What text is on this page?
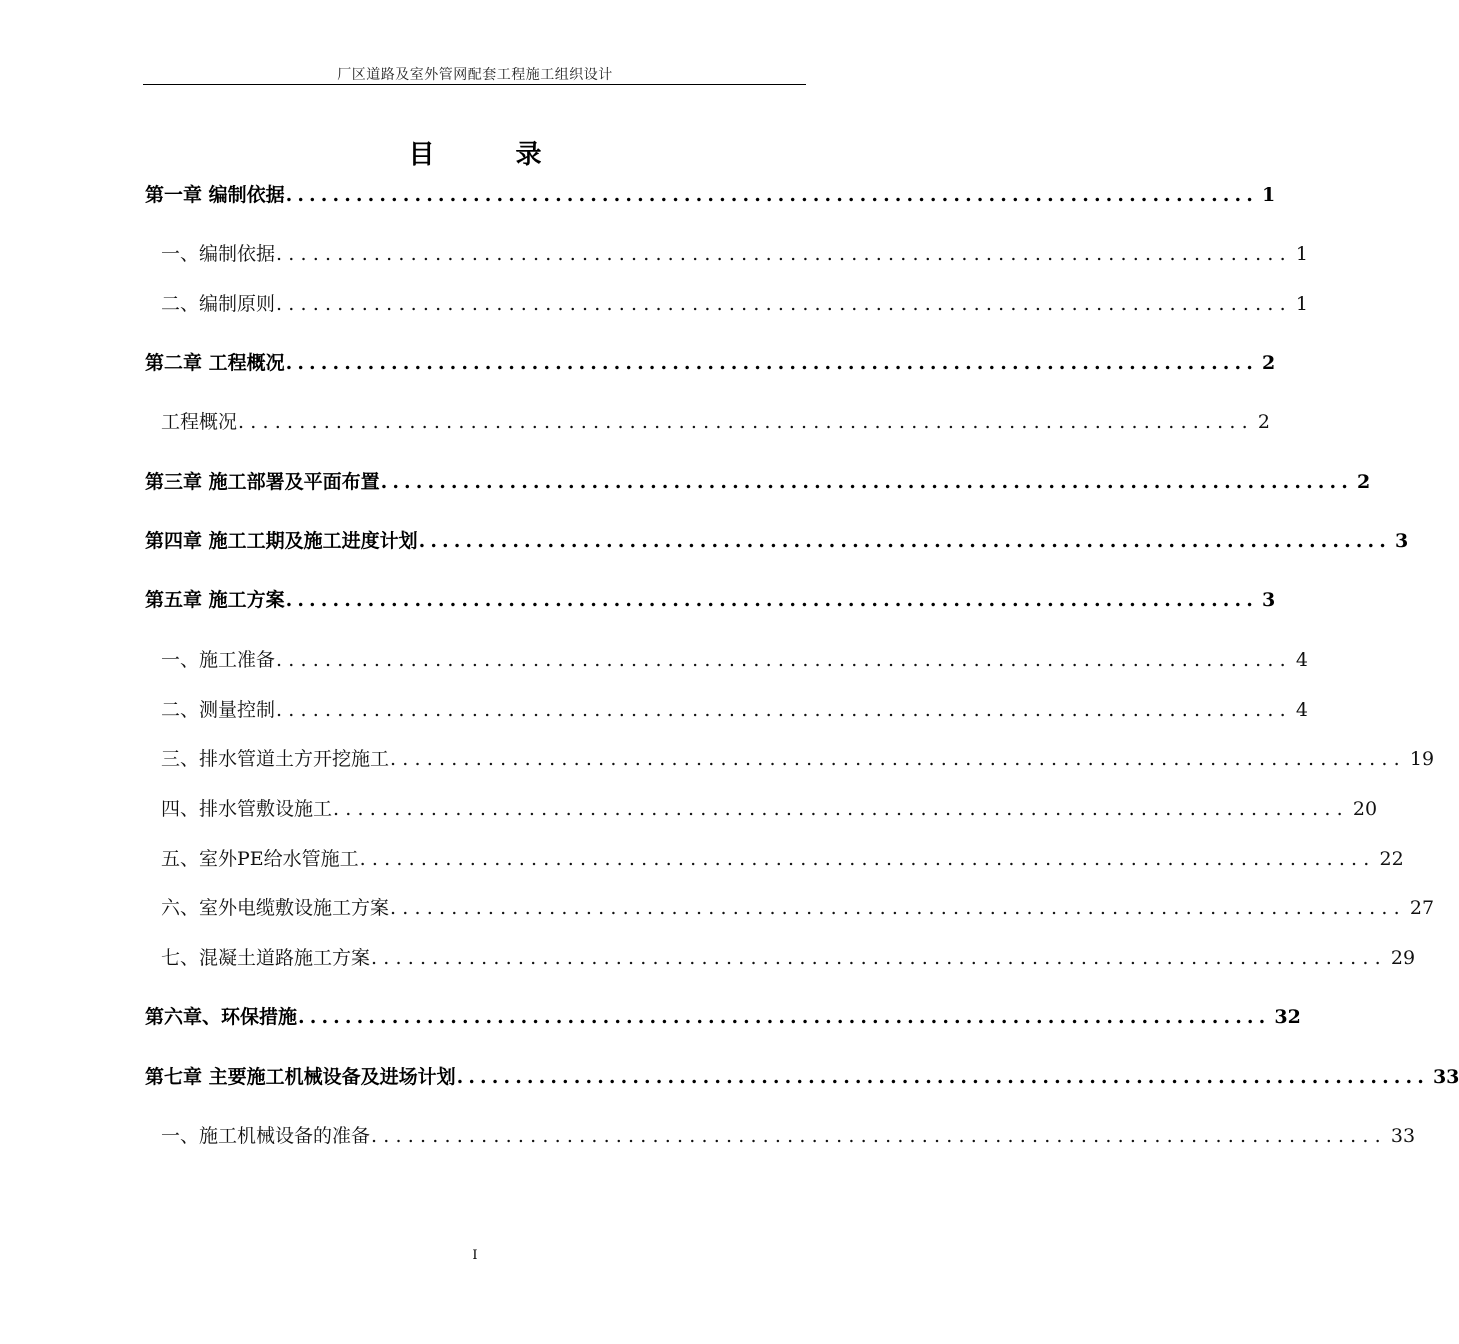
厂区道路及室外管网配套工程施工组织设计
目 录
第一章 编制依据 ................................................................................... 1
一、编制依据 ................................................................................... 1
二、编制原则 ................................................................................... 1
第二章 工程概况 ................................................................................... 2
工程概况 ................................................................................... 2
第三章 施工部署及平面布置 ................................................................................... 2
第四章 施工工期及施工进度计划 ................................................................................... 3
第五章 施工方案 ................................................................................... 3
一、施工准备 ................................................................................... 4
二、测量控制 ................................................................................... 4
三、排水管道土方开挖施工 ................................................................................... 19
四、排水管敷设施工 ................................................................................... 20
五、室外PE给水管施工 ................................................................................... 22
六、室外电缆敷设施工方案 ................................................................................... 27
七、混凝土道路施工方案 ................................................................................... 29
第六章、环保措施 ................................................................................... 32
第七章 主要施工机械设备及进场计划 ................................................................................... 33
一、施工机械设备的准备 ................................................................................... 33
I
